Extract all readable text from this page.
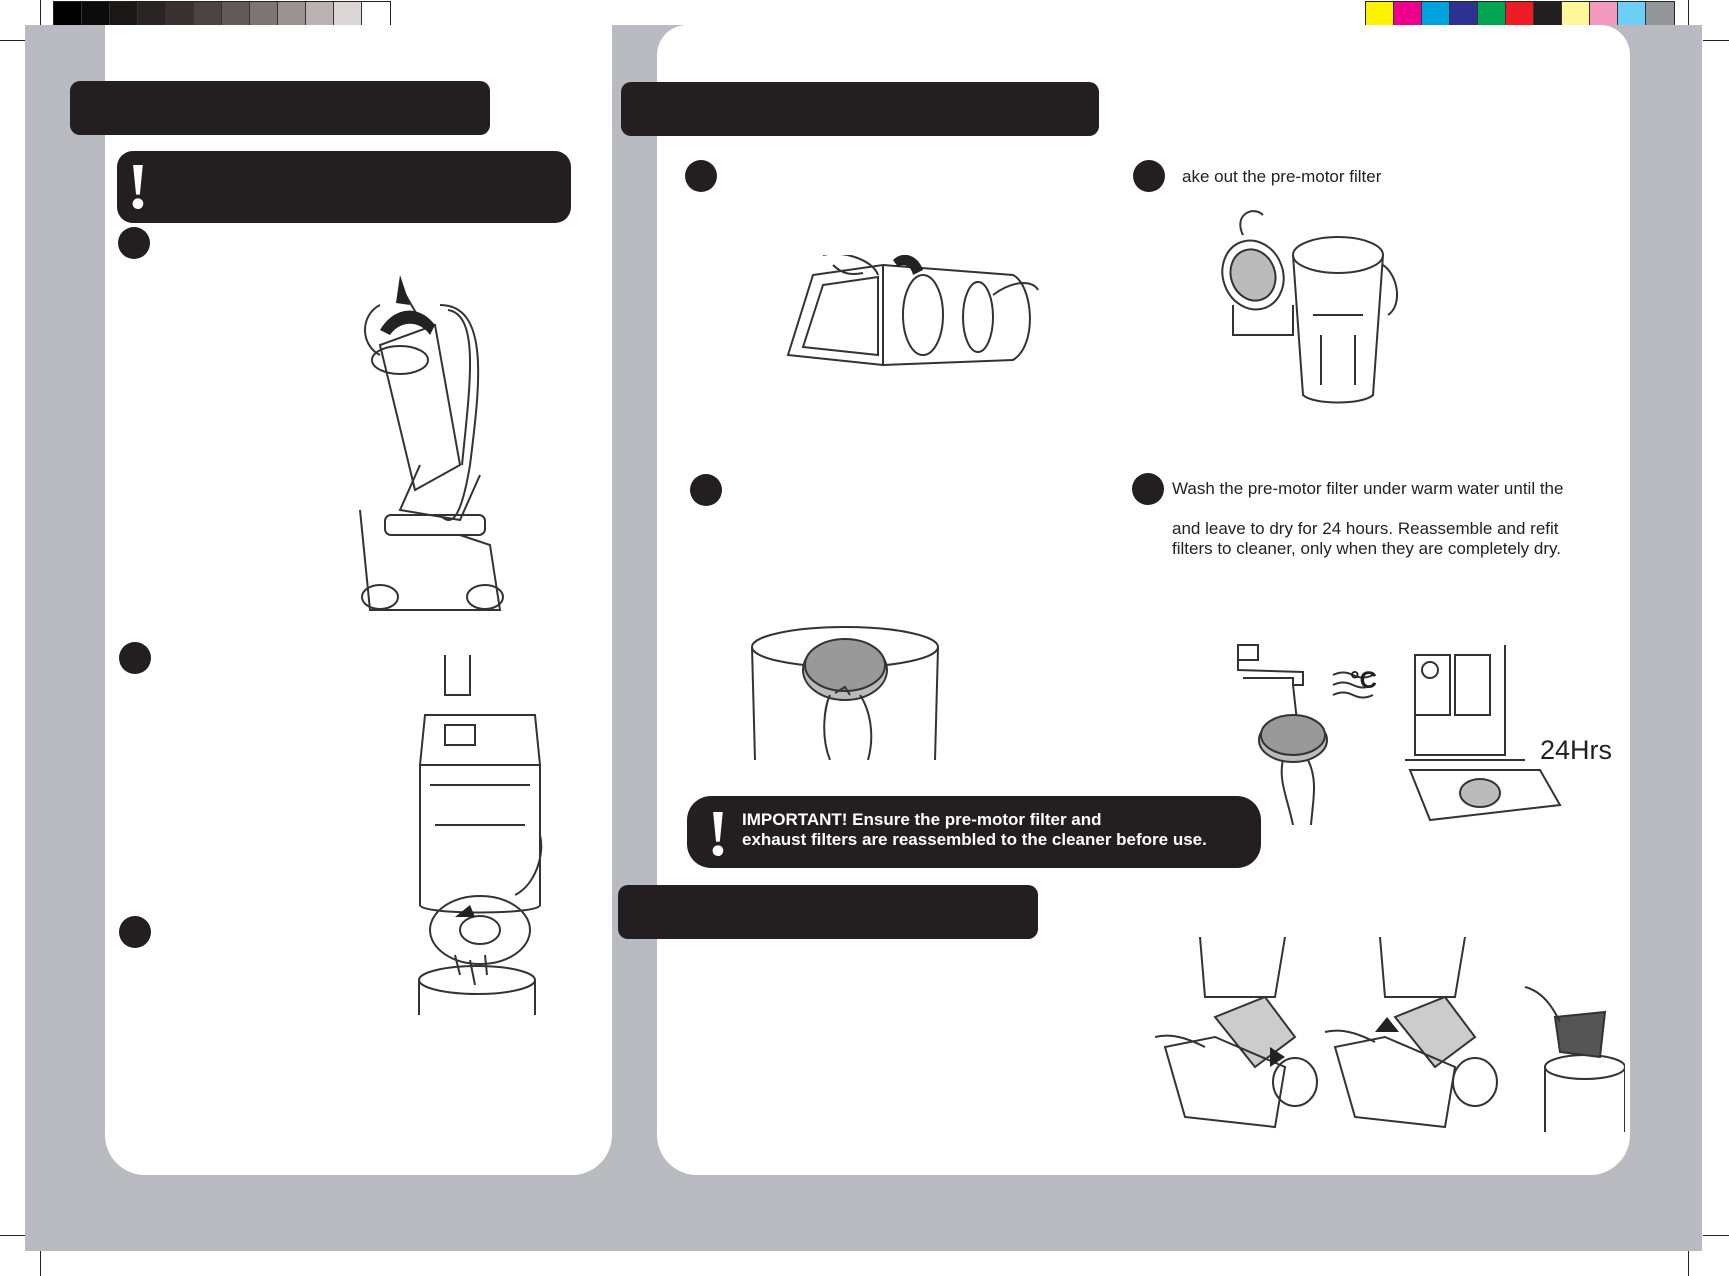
!	ake out the pre-motor filter
Wash the pre-motor filter under warm water until the
and leave to dry for 24 hours. Reassemble and refit
filters to cleaner, only when they are completely dry.
! IMPORTANT! Ensure the pre-motor filter and
exhaust filters are reassembled to the cleaner before use.
°C
24Hrs
